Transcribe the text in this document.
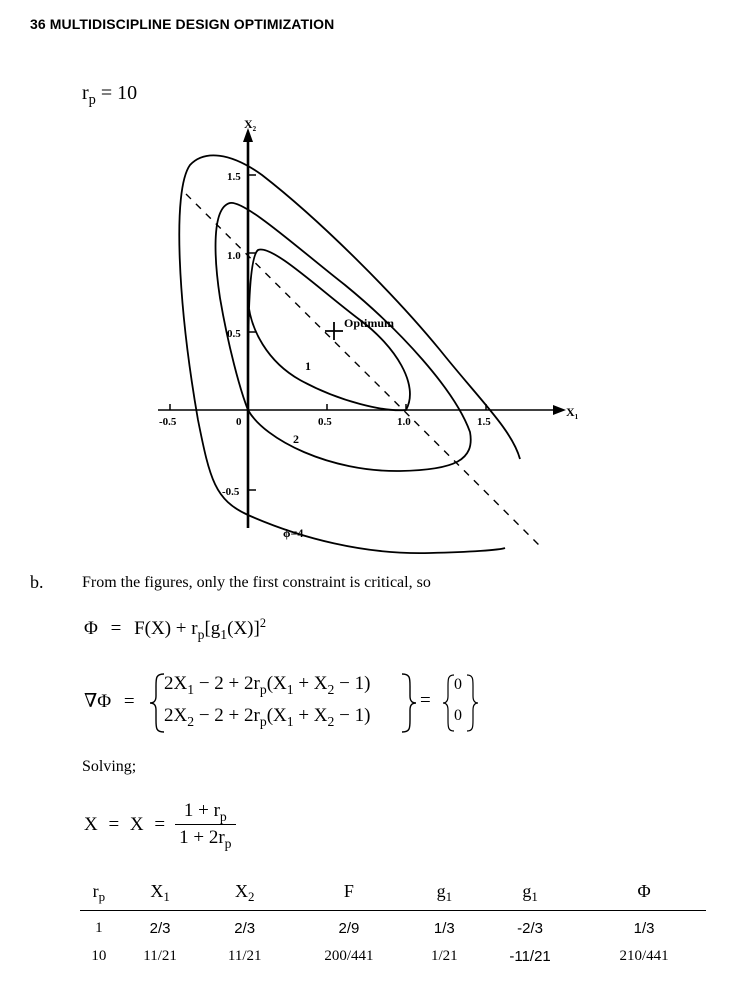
36 MULTIDISCIPLINE DESIGN OPTIMIZATION
$r_p = 10$
-0.5	0	0.5	1.0	1.5
1.5
1.0
0.5
-0.5
$X_1$
$X_2$
Optimum
1
2
ϕ=4
b. From the figures, only the first constraint is critical, so
$\Phi = F(X) + r_p[g_1(X)]^2$
∇Φ =
$2X_1 - 2 + 2r_p(X_1 + X_2 - 1)$
$2X_2 - 2 + 2r_p(X_1 + X_2 - 1)$
=
0
0
Solving;
$X = X = \frac{1 + r_p}{1 + 2r_p}$
$r_p$	$X_1$	$X_2$	F	$g_1$	$g_1$	Φ
1	2/3	2/3	2/9	1/3	-2/3	1/3
10	11/21	11/21	200/441	1/21	-11/21	210/441
